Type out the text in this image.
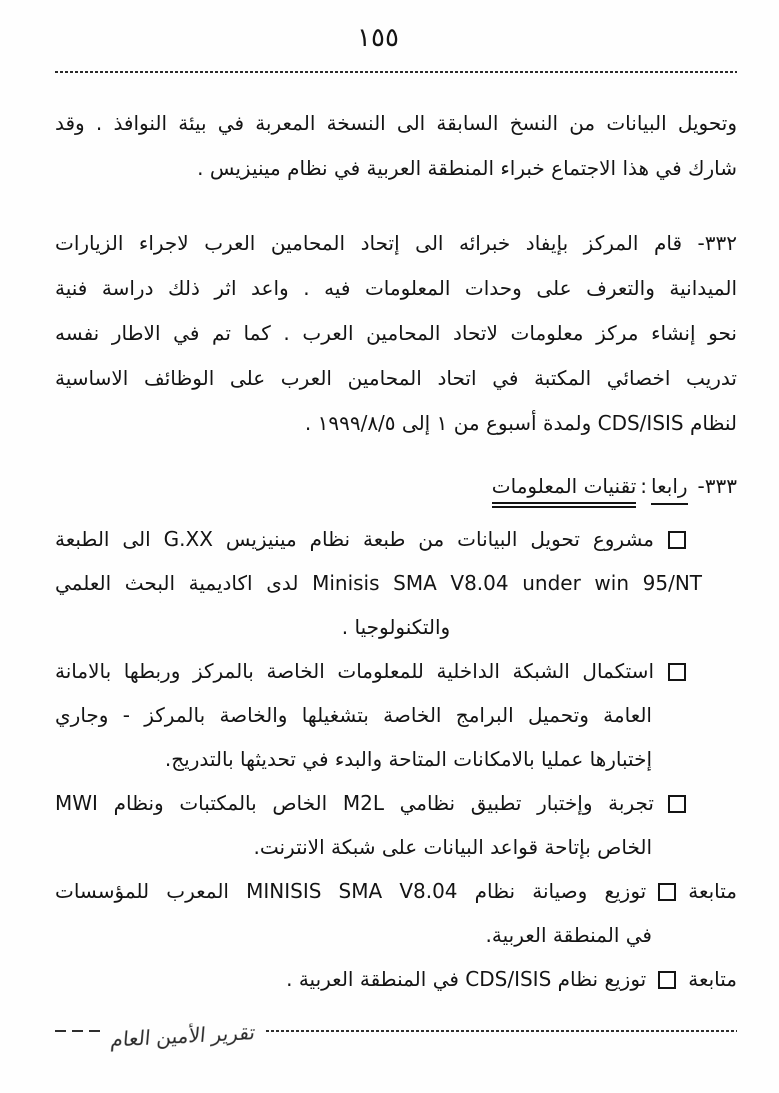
١٥٥
وتحويل البيانات من النسخ السابقة الى النسخة المعربة في بيئة النوافذ . وقد
شارك في هذا الاجتماع خبراء المنطقة العربية في نظام مينيزيس .
٣٣٢- قام المركز بإيفاد خبرائه الى إتحاد المحامين العرب لاجراء الزيارات
الميدانية والتعرف على وحدات المعلومات فيه . واعد اثر ذلك دراسة فنية
نحو إنشاء مركز معلومات لاتحاد المحامين العرب . كما تم في الاطار نفسه
تدريب اخصائي المكتبة في اتحاد المحامين العرب على الوظائف الاساسية
لنظام CDS/ISIS ولمدة أسبوع من ١ إلى ١٩٩٩/٨/٥ .
٣٣٣-رابعا:تقنيات المعلومات
مشروع تحويل البيانات من طبعة نظام مينيزيس G.XX الى الطبعة
Minisis SMA V8.04 under win 95/NT لدى اكاديمية البحث العلمي
والتكنولوجيا .
استكمال الشبكة الداخلية للمعلومات الخاصة بالمركز وربطها بالامانة
العامة وتحميل البرامج الخاصة بتشغيلها والخاصة بالمركز - وجاري
إختبارها عمليا بالامكانات المتاحة والبدء في تحديثها بالتدريج.
تجربة وإختبار تطبيق نظامي M2L الخاص بالمكتبات ونظام MWI
الخاص بإتاحة قواعد البيانات على شبكة الانترنت.
متابعةتوزيع وصيانة نظام MINISIS SMA V8.04 المعرب للمؤسسات
في المنطقة العربية.
متابعةتوزيع نظام CDS/ISIS في المنطقة العربية .
تقرير الأمين العام
